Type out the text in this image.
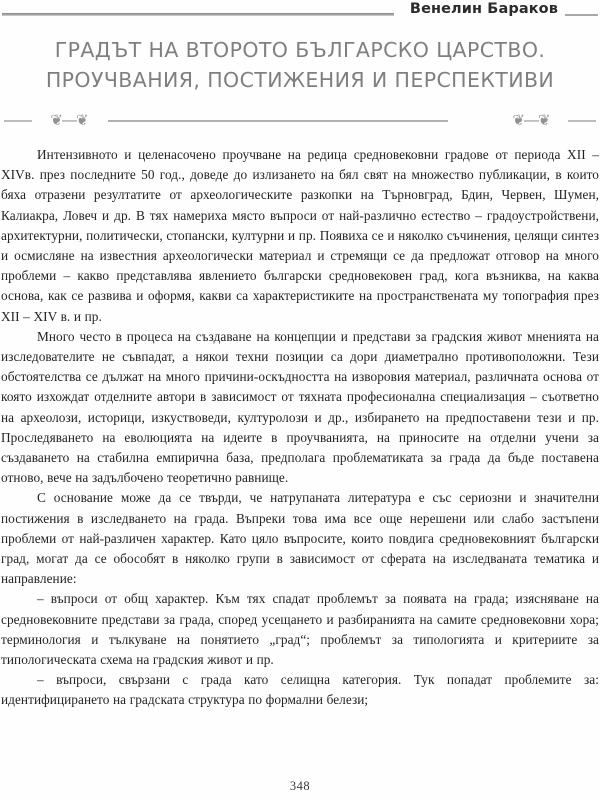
Венелин Бараков
ГРАДЪТ НА ВТОРОТО БЪЛГАРСКО ЦАРСТВО.
ПРОУЧВАНИЯ, ПОСТИЖЕНИЯ И ПЕРСПЕКТИВИ
❦―❦	❦―❦

Интензивното и целенасочено проучване на редица средновековни градове от периода XII – XIVв. през последните 50 год., доведе до излизането на бял свят на множество публикации, в които бяха отразени резултатите от археологическите разкопки на Търновград, Бдин, Червен, Шумен, Калиакра, Ловеч и др. В тях намериха място въпроси от най-различно естество – градоустройствени, архитектурни, политически, стопански, културни и пр. Появиха се и няколко съчинения, целящи синтез и осмисляне на известния археологически материал и стремящи се да предложат отговор на много проблеми – какво представлява явлението български средновековен град, кога възниква, на каква основа, как се развива и оформя, какви са характеристиките на пространствената му топография през XII – XIV в. и пр.

Много често в процеса на създаване на концепции и представи за градския живот мненията на изследователите не съвпадат, а някои техни позиции са дори диаметрално противоположни. Тези обстоятелства се дължат на много причини-оскъдността на изворовия материал, различната основа от която изхождат отделните автори в зависимост от тяхната професионална специализация – съответно на археолози, историци, изкуствоведи, културолози и др., избирането на предпоставени тези и пр. Проследяването на еволюцията на идеите в проучванията, на приносите на отделни учени за създаването на стабилна емпирична база, предполага проблематиката за града да бъде поставена отново, вече на задълбочено теоретично равнище.

С основание може да се твърди, че натрупаната литература е със сериозни и значителни постижения в изследването на града. Въпреки това има все още нерешени или слабо застъпени проблеми от най-различен характер. Като цяло въпросите, които повдига средновековният български град, могат да се обособят в няколко групи в зависимост от сферата на изследваната тематика и направление:

– въпроси от общ характер. Към тях спадат проблемът за появата на града; изясняване на средновековните представи за града, според усещането и разбиранията на самите средновековни хора; терминология и тълкуване на понятието „град“; проблемът за типологията и критериите за типологическата схема на градския живот и пр.

– въпроси, свързани с града като селищна категория. Тук попадат проблемите за: идентифицирането на градската структура по формални белези;

348
